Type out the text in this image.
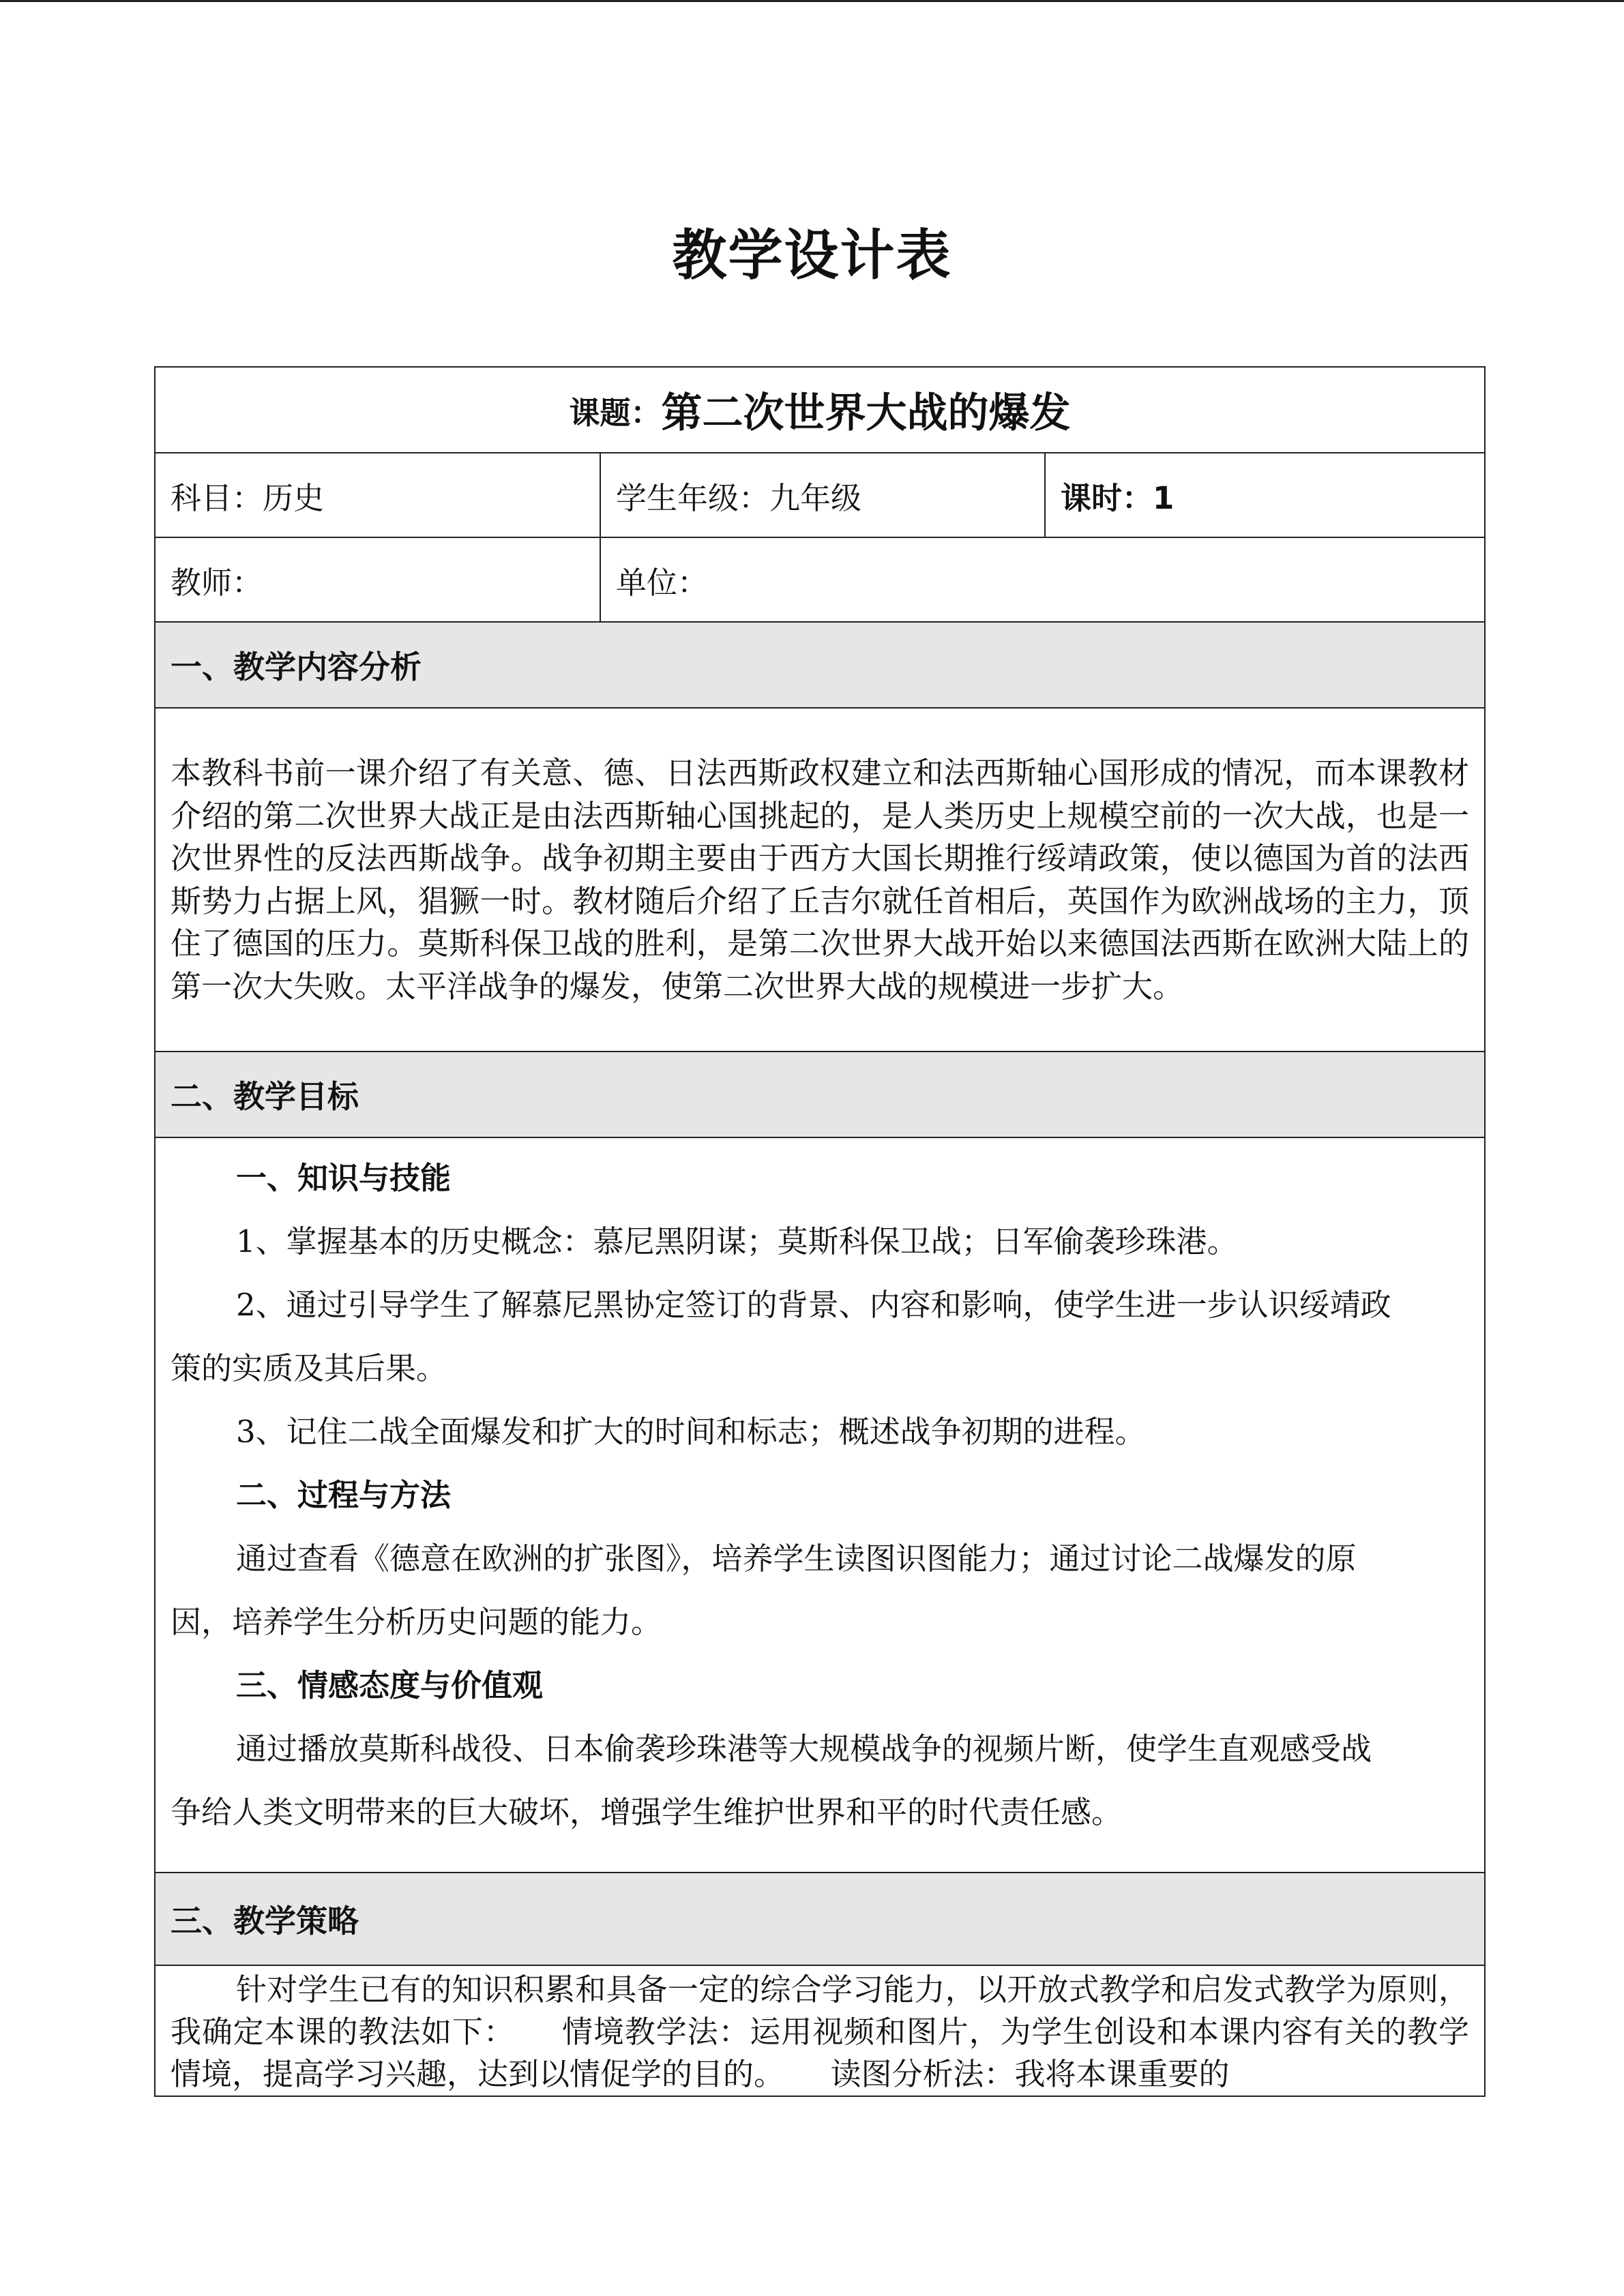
教学设计表
课题： 第二次世界大战的爆发
科目：历史	学生年级：九年级	课时：1
教师：	单位：
一、教学内容分析
本教科书前一课介绍了有关意、德、日法西斯政权建立和法西斯轴心国形成的情况，而本课教材介绍的第二次世界大战正是由法西斯轴心国挑起的，是人类历史上规模空前的一次大战，也是一次世界性的反法西斯战争。战争初期主要由于西方大国长期推行绥靖政策，使以德国为首的法西斯势力占据上风，猖獗一时。教材随后介绍了丘吉尔就任首相后，英国作为欧洲战场的主力，顶住了德国的压力。莫斯科保卫战的胜利，是第二次世界大战开始以来德国法西斯在欧洲大陆上的第一次大失败。太平洋战争的爆发，使第二次世界大战的规模进一步扩大。
二、教学目标

一、知识与技能

1、掌握基本的历史概念：慕尼黑阴谋；莫斯科保卫战；日军偷袭珍珠港。

2、通过引导学生了解慕尼黑协定签订的背景、内容和影响，使学生进一步认识绥靖政

策的实质及其后果。

3、记住二战全面爆发和扩大的时间和标志；概述战争初期的进程。

二、过程与方法

通过查看《德意在欧洲的扩张图》，培养学生读图识图能力；通过讨论二战爆发的原

因，培养学生分析历史问题的能力。

三、情感态度与价值观

通过播放莫斯科战役、日本偷袭珍珠港等大规模战争的视频片断，使学生直观感受战

争给人类文明带来的巨大破坏，增强学生维护世界和平的时代责任感。

三、教学策略
针对学生已有的知识积累和具备一定的综合学习能力，以开放式教学和启发式教学为原则，我确定本课的教法如下：　　情境教学法：运用视频和图片，为学生创设和本课内容有关的教学情境，提高学习兴趣，达到以情促学的目的。　　读图分析法：我将本课重要的
